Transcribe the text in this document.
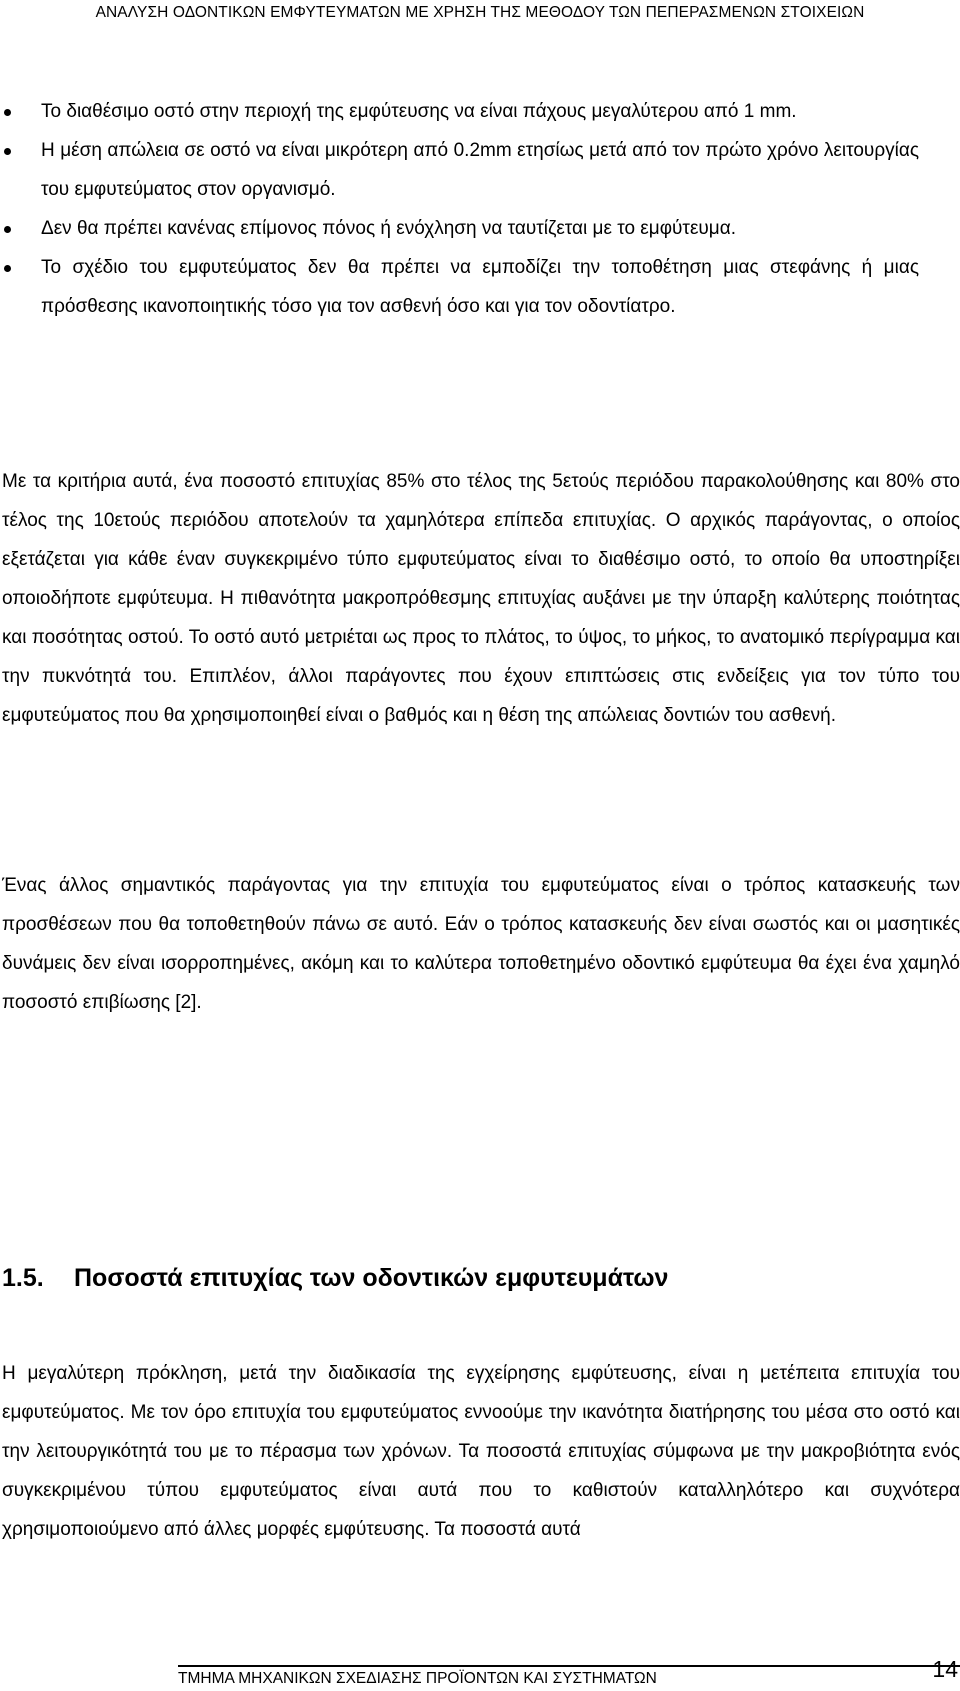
ΑΝΑΛΥΣΗ ΟΔΟΝΤΙΚΩΝ ΕΜΦΥΤΕΥΜΑΤΩΝ ΜΕ ΧΡΗΣΗ ΤΗΣ ΜΕΘΟΔΟΥ ΤΩΝ ΠΕΠΕΡΑΣΜΕΝΩΝ ΣΤΟΙΧΕΙΩΝ
Το διαθέσιμο οστό στην περιοχή της εμφύτευσης να είναι πάχους μεγαλύτερου από 1 mm.
Η μέση απώλεια σε οστό να είναι μικρότερη από 0.2mm ετησίως μετά από τον πρώτο χρόνο λειτουργίας του εμφυτεύματος στον οργανισμό.
Δεν θα πρέπει κανένας επίμονος πόνος ή ενόχληση να ταυτίζεται με το εμφύτευμα.
Το σχέδιο του εμφυτεύματος δεν θα πρέπει να εμποδίζει την τοποθέτηση μιας στεφάνης ή μιας πρόσθεσης ικανοποιητικής τόσο για τον ασθενή όσο και για τον οδοντίατρο.

Με τα κριτήρια αυτά, ένα ποσοστό επιτυχίας 85% στο τέλος της 5ετούς περιόδου παρακολούθησης και 80% στο τέλος της 10ετούς περιόδου αποτελούν τα χαμηλότερα επίπεδα επιτυχίας. Ο αρχικός παράγοντας, ο οποίος εξετάζεται για κάθε έναν συγκεκριμένο τύπο εμφυτεύματος είναι το διαθέσιμο οστό, το οποίο θα υποστηρίξει οποιοδήποτε εμφύτευμα. Η πιθανότητα μακροπρόθεσμης επιτυχίας αυξάνει με την ύπαρξη καλύτερης ποιότητας και ποσότητας οστού. Το οστό αυτό μετριέται ως προς το πλάτος, το ύψος, το μήκος, το ανατομικό περίγραμμα και την πυκνότητά του. Επιπλέον, άλλοι παράγοντες που έχουν επιπτώσεις στις ενδείξεις για τον τύπο του εμφυτεύματος που θα χρησιμοποιηθεί είναι ο βαθμός και η θέση της απώλειας δοντιών του ασθενή.

Ένας άλλος σημαντικός παράγοντας για την επιτυχία του εμφυτεύματος είναι ο τρόπος κατασκευής των προσθέσεων που θα τοποθετηθούν πάνω σε αυτό. Εάν ο τρόπος κατασκευής δεν είναι σωστός και οι μασητικές δυνάμεις δεν είναι ισορροπημένες, ακόμη και το καλύτερα τοποθετημένο οδοντικό εμφύτευμα θα έχει ένα χαμηλό ποσοστό επιβίωσης [2].

1.5. Ποσοστά επιτυχίας των οδοντικών εμφυτευμάτων

Η μεγαλύτερη πρόκληση, μετά την διαδικασία της εγχείρησης εμφύτευσης, είναι η μετέπειτα επιτυχία του εμφυτεύματος. Με τον όρο επιτυχία του εμφυτεύματος εννοούμε την ικανότητα διατήρησης του μέσα στο οστό και την λειτουργικότητά του με το πέρασμα των χρόνων. Τα ποσοστά επιτυχίας σύμφωνα με την μακροβιότητα ενός συγκεκριμένου τύπου εμφυτεύματος είναι αυτά που το καθιστούν καταλληλότερο και συχνότερα χρησιμοποιούμενο από άλλες μορφές εμφύτευσης. Τα ποσοστά αυτά

ΤΜΗΜΑ ΜΗΧΑΝΙΚΩΝ ΣΧΕΔΙΑΣΗΣ ΠΡΟΪΟΝΤΩΝ ΚΑΙ ΣΥΣΤΗΜΑΤΩΝ	14
